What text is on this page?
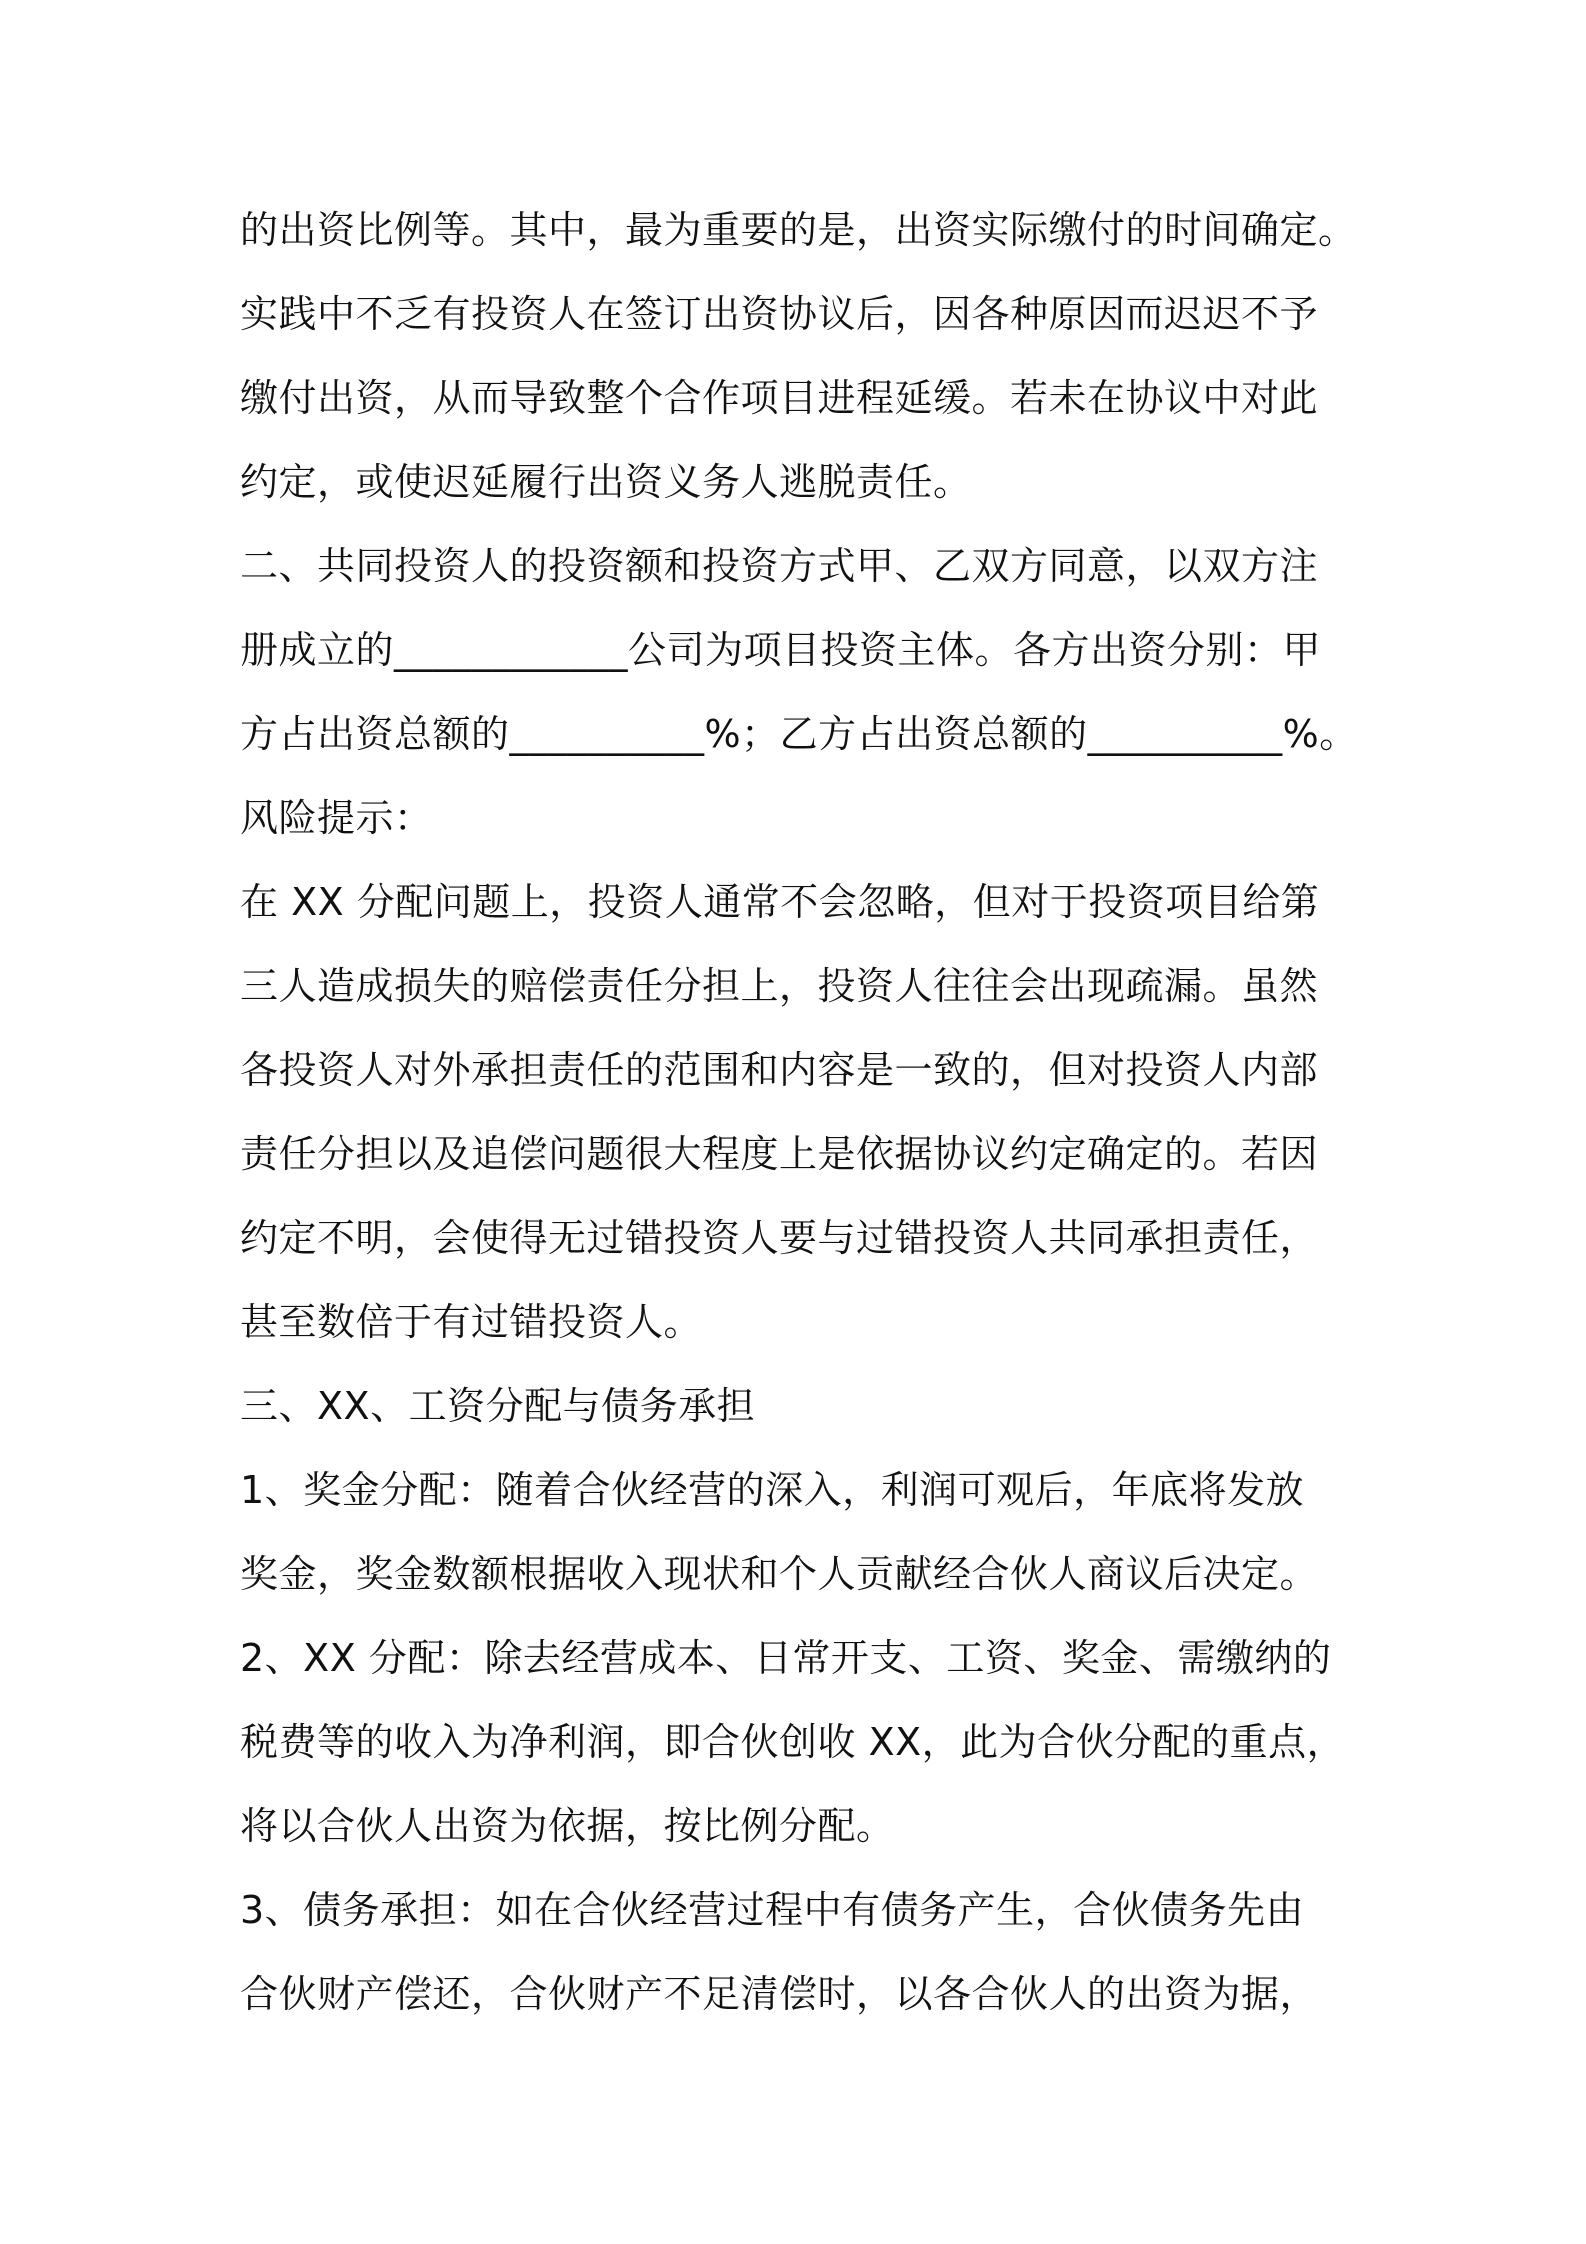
的出资比例等。其中，最为重要的是，出资实际缴付的时间确定。
实践中不乏有投资人在签订出资协议后，因各种原因而迟迟不予
缴付出资，从而导致整个合作项目进程延缓。若未在协议中对此
约定，或使迟延履行出资义务人逃脱责任。
二、共同投资人的投资额和投资方式甲、乙双方同意，以双方注
册成立的____________公司为项目投资主体。各方出资分别：甲
方占出资总额的__________%；乙方占出资总额的__________%。
风险提示：
在 XX 分配问题上，投资人通常不会忽略，但对于投资项目给第
三人造成损失的赔偿责任分担上，投资人往往会出现疏漏。虽然
各投资人对外承担责任的范围和内容是一致的，但对投资人内部
责任分担以及追偿问题很大程度上是依据协议约定确定的。若因
约定不明，会使得无过错投资人要与过错投资人共同承担责任，
甚至数倍于有过错投资人。
三、XX、工资分配与债务承担
1、奖金分配：随着合伙经营的深入，利润可观后，年底将发放
奖金，奖金数额根据收入现状和个人贡献经合伙人商议后决定。
2、XX 分配：除去经营成本、日常开支、工资、奖金、需缴纳的
税费等的收入为净利润，即合伙创收 XX，此为合伙分配的重点，
将以合伙人出资为依据，按比例分配。
3、债务承担：如在合伙经营过程中有债务产生，合伙债务先由
合伙财产偿还，合伙财产不足清偿时，以各合伙人的出资为据，
